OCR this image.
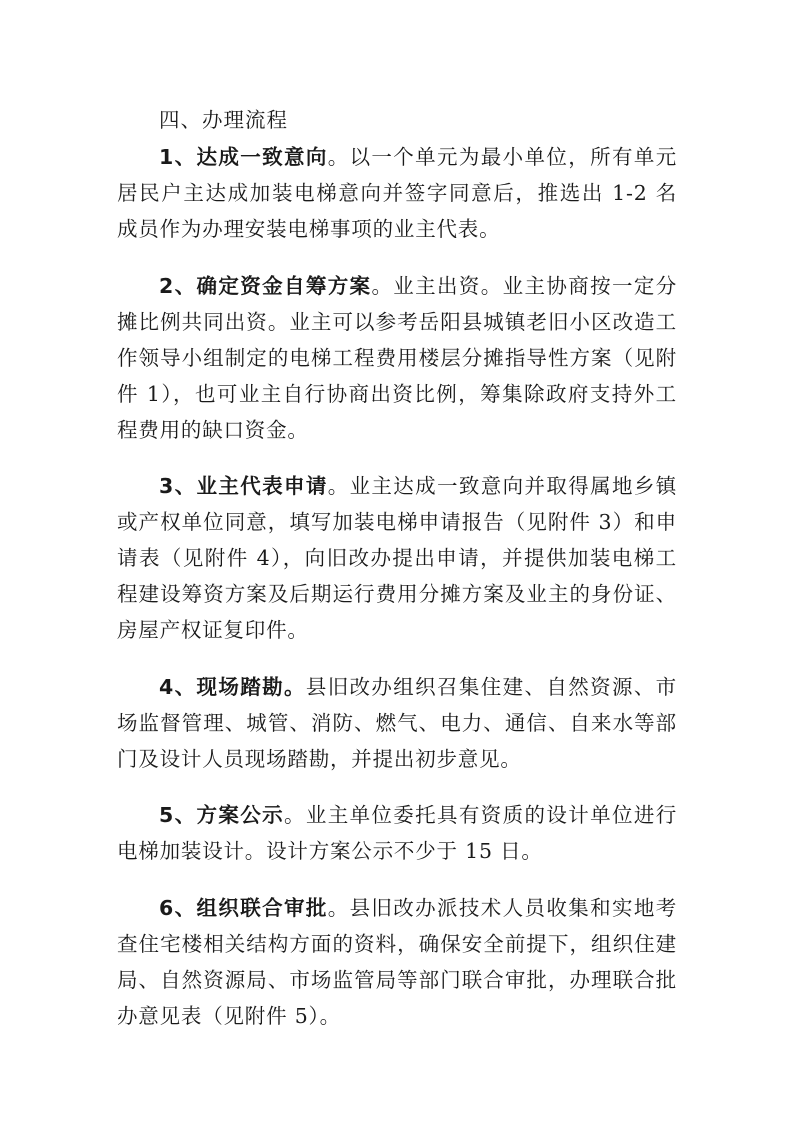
四、办理流程

1、达成一致意向。以一个单元为最小单位，所有单元居民户主达成加装电梯意向并签字同意后，推选出 1-2 名成员作为办理安装电梯事项的业主代表。

2、确定资金自筹方案。业主出资。业主协商按一定分摊比例共同出资。业主可以参考岳阳县城镇老旧小区改造工作领导小组制定的电梯工程费用楼层分摊指导性方案（见附件 1），也可业主自行协商出资比例，筹集除政府支持外工程费用的缺口资金。

3、业主代表申请。业主达成一致意向并取得属地乡镇或产权单位同意，填写加装电梯申请报告（见附件 3）和申请表（见附件 4），向旧改办提出申请，并提供加装电梯工程建设筹资方案及后期运行费用分摊方案及业主的身份证、房屋产权证复印件。

4、现场踏勘。县旧改办组织召集住建、自然资源、市场监督管理、城管、消防、燃气、电力、通信、自来水等部门及设计人员现场踏勘，并提出初步意见。

5、方案公示。业主单位委托具有资质的设计单位进行电梯加装设计。设计方案公示不少于 15 日。

6、组织联合审批。县旧改办派技术人员收集和实地考查住宅楼相关结构方面的资料，确保安全前提下，组织住建局、自然资源局、市场监管局等部门联合审批，办理联合批办意见表（见附件 5）。
